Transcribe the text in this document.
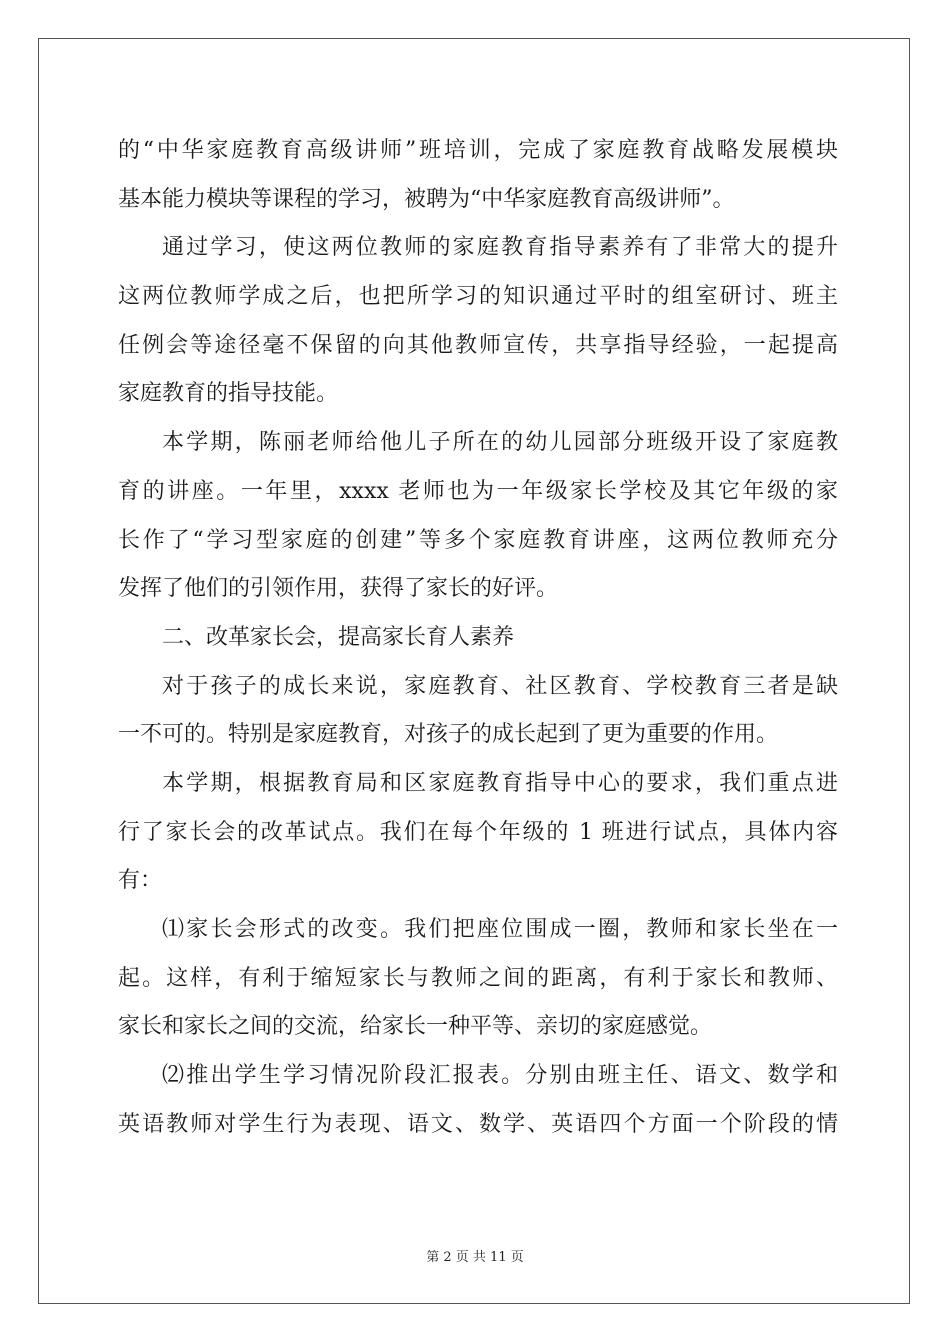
的“中华家庭教育高级讲师”班培训，完成了家庭教育战略发展模块
基本能力模块等课程的学习，被聘为“中华家庭教育高级讲师”。
通过学习，使这两位教师的家庭教育指导素养有了非常大的提升
这两位教师学成之后，也把所学习的知识通过平时的组室研讨、班主
任例会等途径毫不保留的向其他教师宣传，共享指导经验，一起提高
家庭教育的指导技能。
本学期，陈丽老师给他儿子所在的幼儿园部分班级开设了家庭教
育的讲座。一年里，xxxx 老师也为一年级家长学校及其它年级的家
长作了“学习型家庭的创建”等多个家庭教育讲座，这两位教师充分
发挥了他们的引领作用，获得了家长的好评。
二、改革家长会，提高家长育人素养
对于孩子的成长来说，家庭教育、社区教育、学校教育三者是缺
一不可的。特别是家庭教育，对孩子的成长起到了更为重要的作用。
本学期，根据教育局和区家庭教育指导中心的要求，我们重点进
行了家长会的改革试点。我们在每个年级的 1 班进行试点，具体内容
有：
⑴家长会形式的改变。我们把座位围成一圈，教师和家长坐在一
起。这样，有利于缩短家长与教师之间的距离，有利于家长和教师、
家长和家长之间的交流，给家长一种平等、亲切的家庭感觉。
⑵推出学生学习情况阶段汇报表。分别由班主任、语文、数学和
英语教师对学生行为表现、语文、数学、英语四个方面一个阶段的情
第 2 页 共 11 页
